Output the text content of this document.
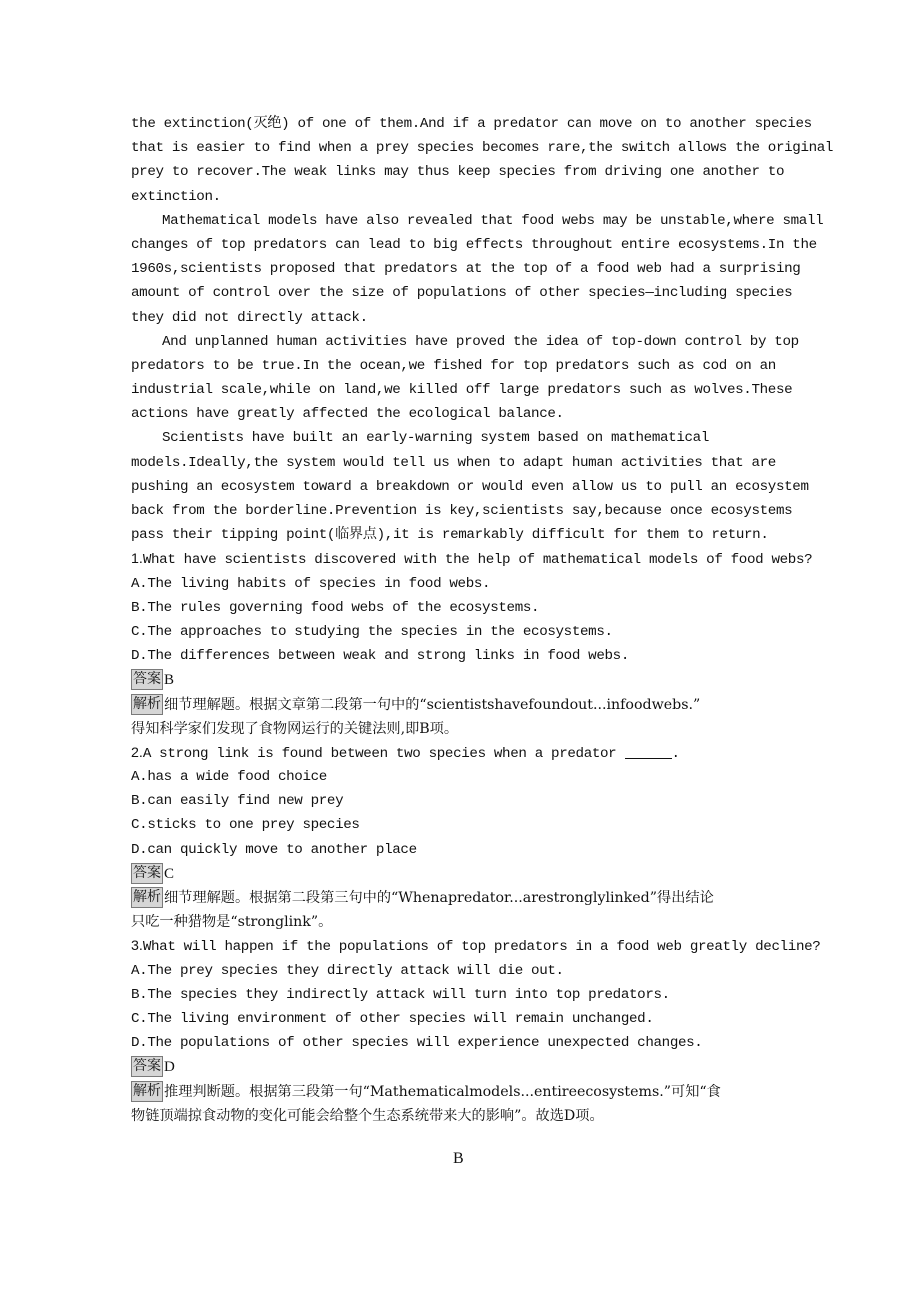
the extinction(灭绝) of one of them.And if a predator can move on to another species
that is easier to find when a prey species becomes rare,the switch allows the original
prey to recover.The weak links may thus keep species from driving one another to
extinction.
Mathematical models have also revealed that food webs may be unstable,where small
changes of top predators can lead to big effects throughout entire ecosystems.In the
1960s,scientists proposed that predators at the top of a food web had a surprising
amount of control over the size of populations of other species—including species
they did not directly attack.
And unplanned human activities have proved the idea of top-down control by top
predators to be true.In the ocean,we fished for top predators such as cod on an
industrial scale,while on land,we killed off large predators such as wolves.These
actions have greatly affected the ecological balance.
Scientists have built an early-warning system based on mathematical
models.Ideally,the system would tell us when to adapt human activities that are
pushing an ecosystem toward a breakdown or would even allow us to pull an ecosystem
back from the borderline.Prevention is key,scientists say,because once ecosystems
pass their tipping point(临界点),it is remarkably difficult for them to return.
1.What have scientists discovered with the help of mathematical models of food webs?
A.The living habits of species in food webs.
B.The rules governing food webs of the ecosystems.
C.The approaches to studying the species in the ecosystems.
D.The differences between weak and strong links in food webs.
答案 B
解析 细节理解题。根据文章第二段第一句中的“scientistshavefoundout...infoodwebs.”
得知科学家们发现了食物网运行的关键法则,即B项。
2.A strong link is found between two species when a predator	.
A.has a wide food choice
B.can easily find new prey
C.sticks to one prey species
D.can quickly move to another place
答案 C
解析 细节理解题。根据第二段第三句中的“Whenapredator...arestronglylinked”得出结论
只吃一种猎物是“stronglink”。
3.What will happen if the populations of top predators in a food web greatly decline?
A.The prey species they directly attack will die out.
B.The species they indirectly attack will turn into top predators.
C.The living environment of other species will remain unchanged.
D.The populations of other species will experience unexpected changes.
答案 D
解析 推理判断题。根据第三段第一句“Mathematicalmodels...entireecosystems.”可知“食
物链顶端掠食动物的变化可能会给整个生态系统带来大的影响”。故选D项。
B
